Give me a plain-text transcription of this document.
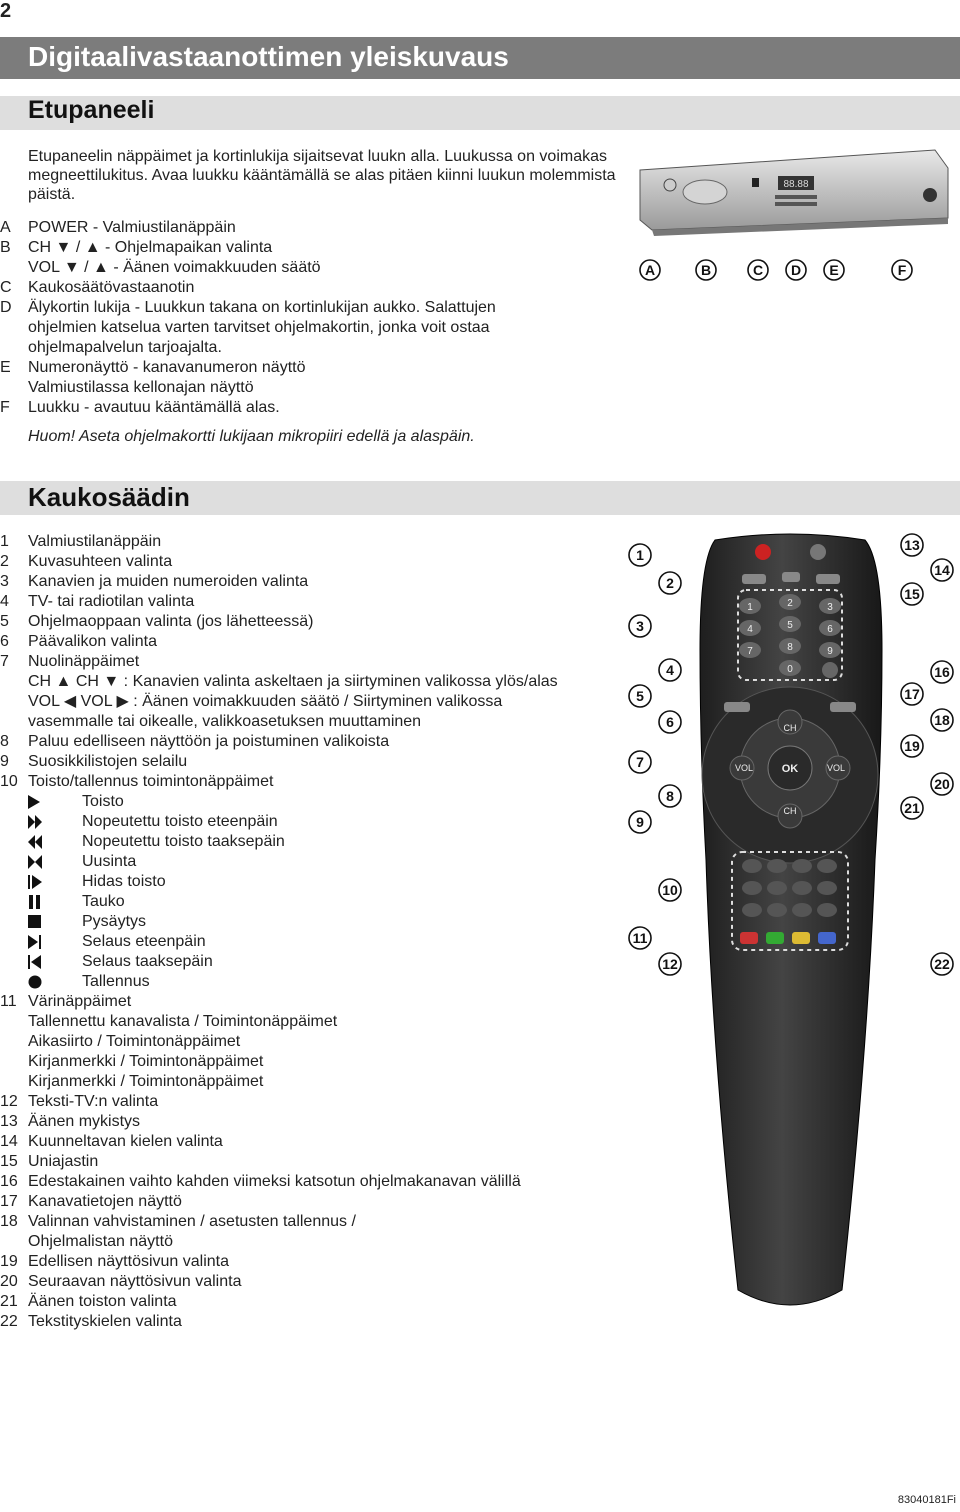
2
Digitaalivastaanottimen yleiskuvaus
Etupaneeli
Etupaneelin näppäimet ja kortinlukija sijaitsevat luukn alla. Luukussa on voimakas megneettilukitus. Avaa luukku kääntämällä se alas pitäen kiinni luukun molemmista päistä.
A	POWER - Valmiustilanäppäin
B	CH ▼ / ▲ - Ohjelmapaikan valinta
VOL ▼ / ▲ - Äänen voimakkuuden säätö
C	Kaukosäätövastaanotin
D	Älykortin lukija - Luukkun takana on kortinlukijan aukko. Salattujen
ohjelmien katselua varten tarvitset ohjelmakortin, jonka voit ostaa
ohjelmapalvelun tarjoajalta.
E	Numeronäyttö - kanavanumeron näyttö
Valmiustilassa kellonajan näyttö
F	Luukku - avautuu kääntämällä alas.
Huom! Aseta ohjelmakortti lukijaan mikropiiri edellä ja alaspäin.
88.88
A	B	C D E	F
Kaukosäädin
1	Valmiustilanäppäin
2	Kuvasuhteen valinta
3	Kanavien ja muiden numeroiden valinta
4	TV- tai radiotilan valinta
5	Ohjelmaoppaan valinta (jos lähetteessä)
6	Päävalikon valinta
7	Nuolinäppäimet
CH ▲ CH ▼ : Kanavien valinta askeltaen ja siirtyminen valikossa ylös/alas
VOL ◀ VOL ▶ : Äänen voimakkuuden säätö / Siirtyminen valikossa
vasemmalle tai oikealle, valikkoasetuksen muuttaminen
8	Paluu edelliseen näyttöön ja poistuminen valikoista
9	Suosikkilistojen selailu
10 Toisto/tallennus toimintonäppäimet
Toisto
Nopeutettu toisto eteenpäin
Nopeutettu toisto taaksepäin
Uusinta
Hidas toisto
Tauko
Pysäytys
Selaus eteenpäin
Selaus taaksepäin
Tallennus
11 Värinäppäimet
Tallennettu kanavalista / Toimintonäppäimet
Aikasiirto / Toimintonäppäimet
Kirjanmerkki / Toimintonäppäimet
Kirjanmerkki / Toimintonäppäimet
12 Teksti-TV:n valinta
13 Äänen mykistys
14 Kuunneltavan kielen valinta
15 Uniajastin
16 Edestakainen vaihto kahden viimeksi katsotun ohjelmakanavan välillä
17 Kanavatietojen näyttö
18 Valinnan vahvistaminen / asetusten tallennus /
Ohjelmalistan näyttö
19 Edellisen näyttösivun valinta
20 Seuraavan näyttösivun valinta
21 Äänen toiston valinta
22 Tekstityskielen valinta
1	2	3
4	5	6
7	8	9
0
CH
CH
VOL	VOL
OK
1
2
3
4
5
6
7
8
9
10
11
12
13
14
15
16
17
18
19
20
21
22
83040181Fi
